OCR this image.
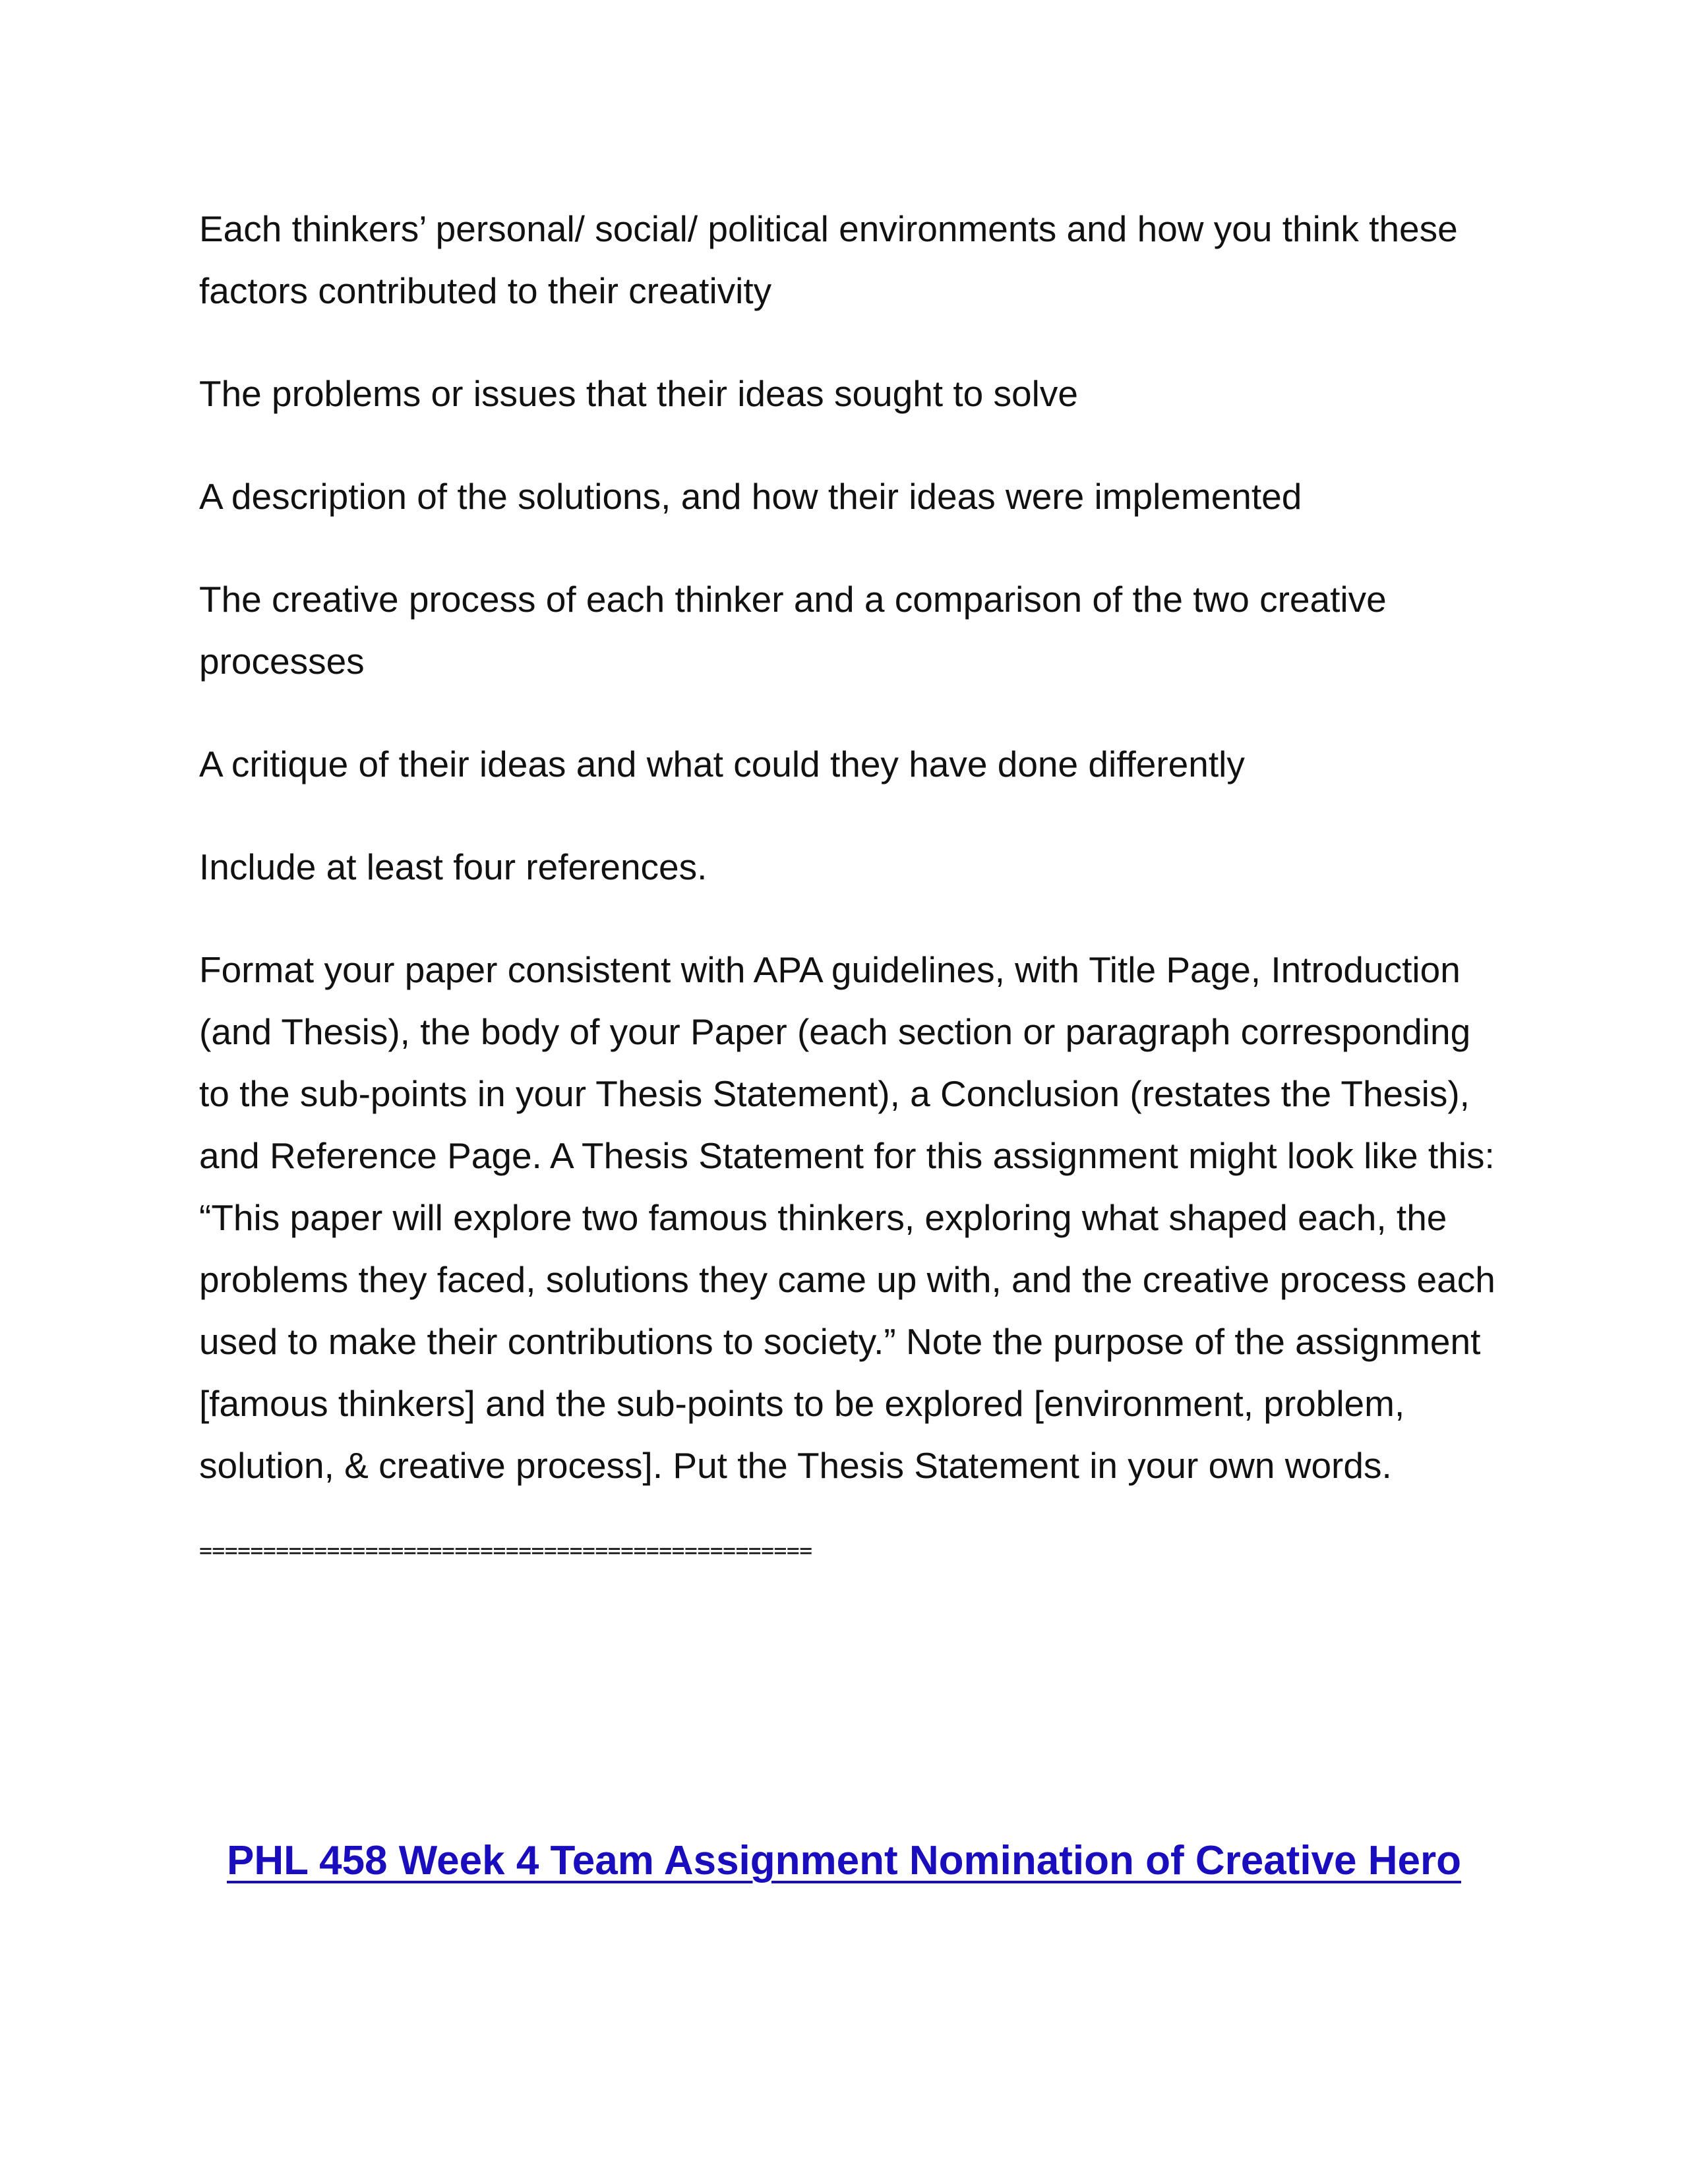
Each thinkers’ personal/ social/ political environments and how you think these factors contributed to their creativity

The problems or issues that their ideas sought to solve

A description of the solutions, and how their ideas were implemented

The creative process of each thinker and a comparison of the two creative processes

A critique of their ideas and what could they have done differently

Include at least four references.

Format your paper consistent with APA guidelines, with Title Page, Introduction (and Thesis), the body of your Paper (each section or paragraph corresponding to the sub-points in your Thesis Statement), a Conclusion (restates the Thesis), and Reference Page. A Thesis Statement for this assignment might look like this: “This paper will explore two famous thinkers, exploring what shaped each, the problems they faced, solutions they came up with, and the creative process each used to make their contributions to society.” Note the purpose of the assignment [famous thinkers] and the sub-points to be explored [environment, problem, solution, & creative process]. Put the Thesis Statement in your own words.

================================================
PHL 458 Week 4 Team Assignment Nomination of Creative Hero
